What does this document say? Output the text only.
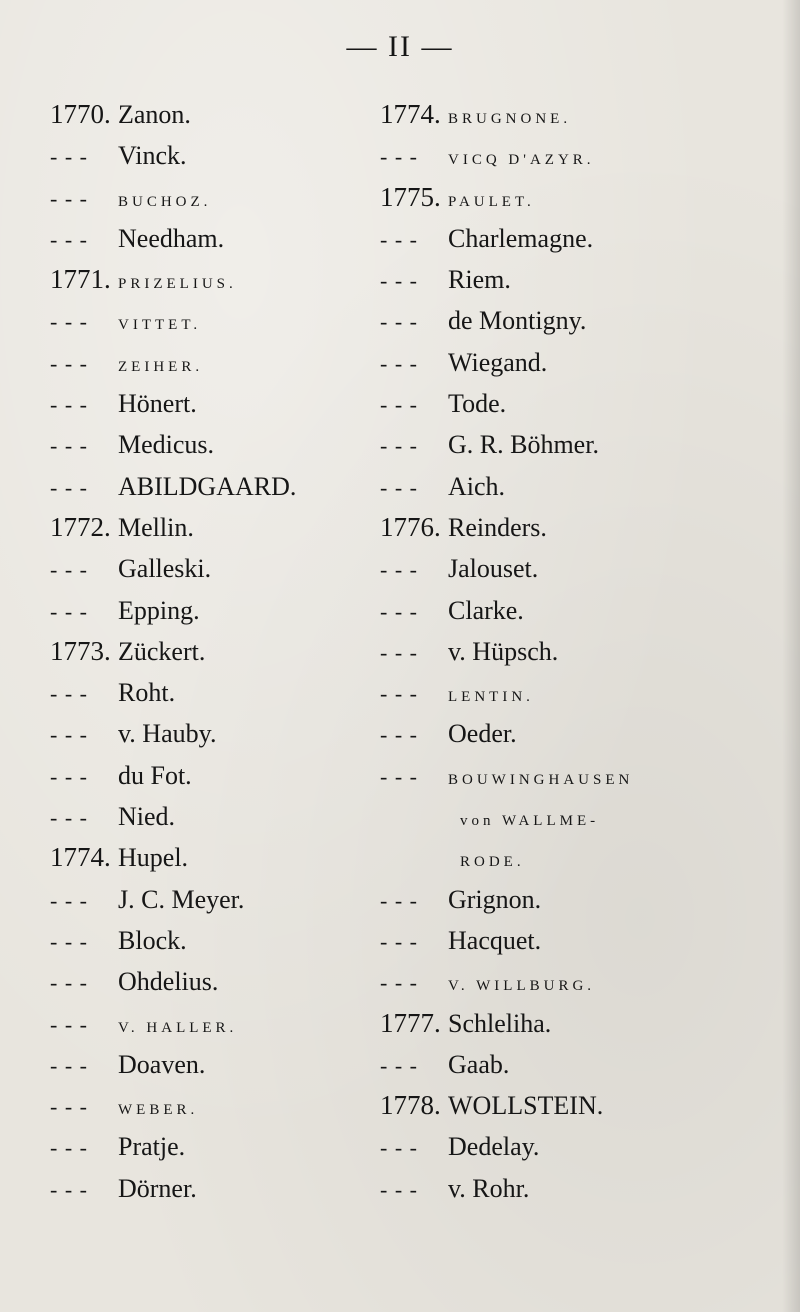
— II —
1770. Zanon.
- - - Vinck.
- - - BUCHOZ.
- - - Needham.
1771. PRIZELIUS.
- - - VITTET.
- - - ZEIHER.
- - - Hönert.
- - - Medicus.
- - - ABILDGAARD.
1772. Mellin.
- - - Galleski.
- - - Epping.
1773. Zückert.
- - - Roht.
- - - v. Hauby.
- - - du Fot.
- - - Nied.
1774. Hupel.
- - - J. C. Meyer.
- - - Block.
- - - Ohdelius.
- - - V. HALLER.
- - - Doaven.
- - - WEBER.
- - - Pratje.
- - - Dörner.
1774. BRUGNONE.
- - - VICQ D'AZYR.
1775. PAULET.
- - - Charlemagne.
- - - Riem.
- - - de Montigny.
- - - Wiegand.
- - - Tode.
- - - G. R. Böhmer.
- - - Aich.
1776. Reinders.
- - - Jalouset.
- - - Clarke.
- - - v. Hüpsch.
- - - LENTIN.
- - - Oeder.
- - - BOUWINGHAUSEN
von WALLME-
RODE.
- - - Grignon.
- - - Hacquet.
- - - V. WILLBURG.
1777. Schleliha.
- - - Gaab.
1778. WOLLSTEIN.
- - - Dedelay.
- - - v. Rohr.
